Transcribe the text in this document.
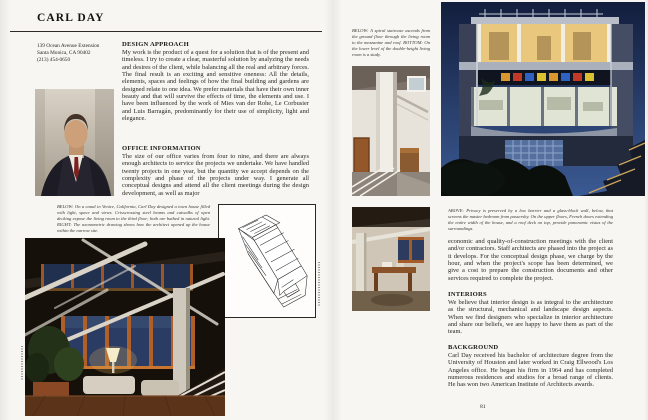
CARL DAY
139 Ocean Avenue Extension
Santa Monica, CA 90402
(213) 454-0650
DESIGN APPROACH
My work is the product of a quest for a solution that is of the present and timeless. I try to create a clear, masterful solution by analyzing the needs and desires of the client, while balancing all the real and arbitrary forces. The final result is an exciting and sensitive oneness: All the details, elements, spaces and feelings of how the final building and gardens are designed relate to one idea. We prefer materials that have their own inner beauty and that will survive the effects of time, the elements and use. I have been influenced by the work of Mies van der Rohe, Le Corbusier and Luis Barragán, predominantly for their use of simplicity, light and elegance.
OFFICE INFORMATION
The size of our office varies from four to nine, and there are always enough architects to service the projects we undertake. We have handled twenty projects in one year, but the quantity we accept depends on the complexity and phase of the projects under way. I generate all conceptual designs and attend all the client meetings during the design development, as well as major
BELOW: On a canal in Venice, California, Carl Day designed a town house filled with light, space and views. Crisscrossing steel beams and catwalks of open decking expose the living room to the third floor; both are bathed in natural light. RIGHT: The axonometric drawing shows how the architect opened up the house within the narrow site.
BELOW: A spiral staircase ascends from the ground floor through the living room to the mezzanine and roof. BOTTOM: On the lower level of the double-height living room is a study.
ABOVE: Privacy is preserved by a low barrier and a glass-block wall, below, that screens the master bedroom from passersby. On the upper floors, French doors extending the entire width of the house, and a roof deck on top, provide panoramic vistas of the surroundings.
economic and quality-of-construction meetings with the client and/or contractors. Staff architects are phased into the project as it develops. For the conceptual design phase, we charge by the hour, and when the project's scope has been determined, we give a cost to prepare the construction documents and other services required to complete the project.
INTERIORS
We believe that interior design is as integral to the architecture as the structural, mechanical and landscape design aspects. When we find designers who specialize in interior architecture and share our beliefs, we are happy to have them as part of the team.
BACKGROUND
Carl Day received his bachelor of architecture degree from the University of Houston and later worked in Craig Ellwood's Los Angeles office. He began his firm in 1964 and has completed numerous residences and studios for a broad range of clients. He has won two American Institute of Architects awards.
81
